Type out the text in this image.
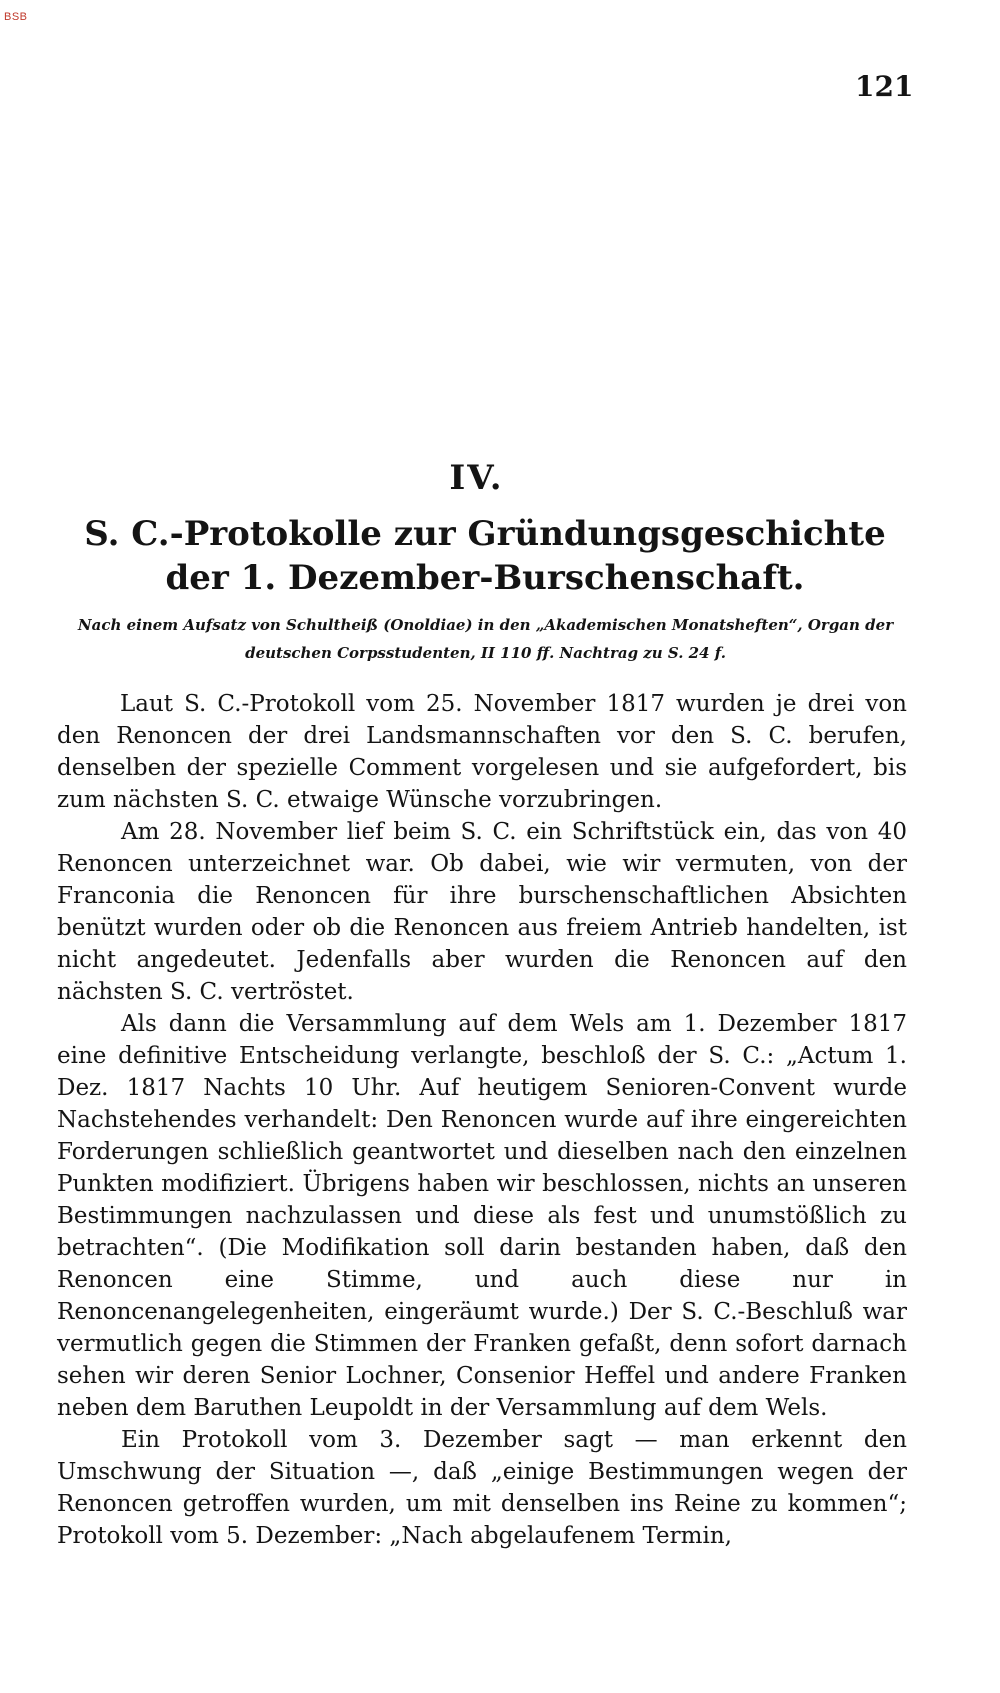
BSB
121
IV.
S. C.-Protokolle zur Gründungsgeschichte der 1. Dezember-Burschenschaft.
Nach einem Aufsatz von Schultheiß (Onoldiae) in den „Akademischen Monatsheften“, Organ der deutschen Corpsstudenten, II 110 ff. Nachtrag zu S. 24 f.

Laut S. C.-Protokoll vom 25. November 1817 wurden je drei von den Renoncen der drei Landsmannschaften vor den S. C. berufen, denselben der spezielle Comment vorgelesen und sie aufgefordert, bis zum nächsten S. C. etwaige Wünsche vorzubringen.

Am 28. November lief beim S. C. ein Schriftstück ein, das von 40 Renoncen unterzeichnet war. Ob dabei, wie wir vermuten, von der Franconia die Renoncen für ihre burschenschaftlichen Absichten benützt wurden oder ob die Renoncen aus freiem Antrieb handelten, ist nicht angedeutet. Jedenfalls aber wurden die Renoncen auf den nächsten S. C. vertröstet.

Als dann die Versammlung auf dem Wels am 1. Dezember 1817 eine definitive Entscheidung verlangte, beschloß der S. C.: „Actum 1. Dez. 1817 Nachts 10 Uhr. Auf heutigem Senioren-Convent wurde Nachstehendes verhandelt: Den Renoncen wurde auf ihre eingereichten Forderungen schließlich geantwortet und dieselben nach den einzelnen Punkten modifiziert. Übrigens haben wir beschlossen, nichts an unseren Bestimmungen nachzulassen und diese als fest und unumstößlich zu betrachten“. (Die Modifikation soll darin bestanden haben, daß den Renoncen eine Stimme, und auch diese nur in Renoncenangelegenheiten, eingeräumt wurde.) Der S. C.-Beschluß war vermutlich gegen die Stimmen der Franken gefaßt, denn sofort darnach sehen wir deren Senior Lochner, Consenior Heffel und andere Franken neben dem Baruthen Leupoldt in der Versammlung auf dem Wels.

Ein Protokoll vom 3. Dezember sagt — man erkennt den Umschwung der Situation —, daß „einige Bestimmungen wegen der Renoncen getroffen wurden, um mit denselben ins Reine zu kommen“; Protokoll vom 5. Dezember: „Nach abgelaufenem Termin,
